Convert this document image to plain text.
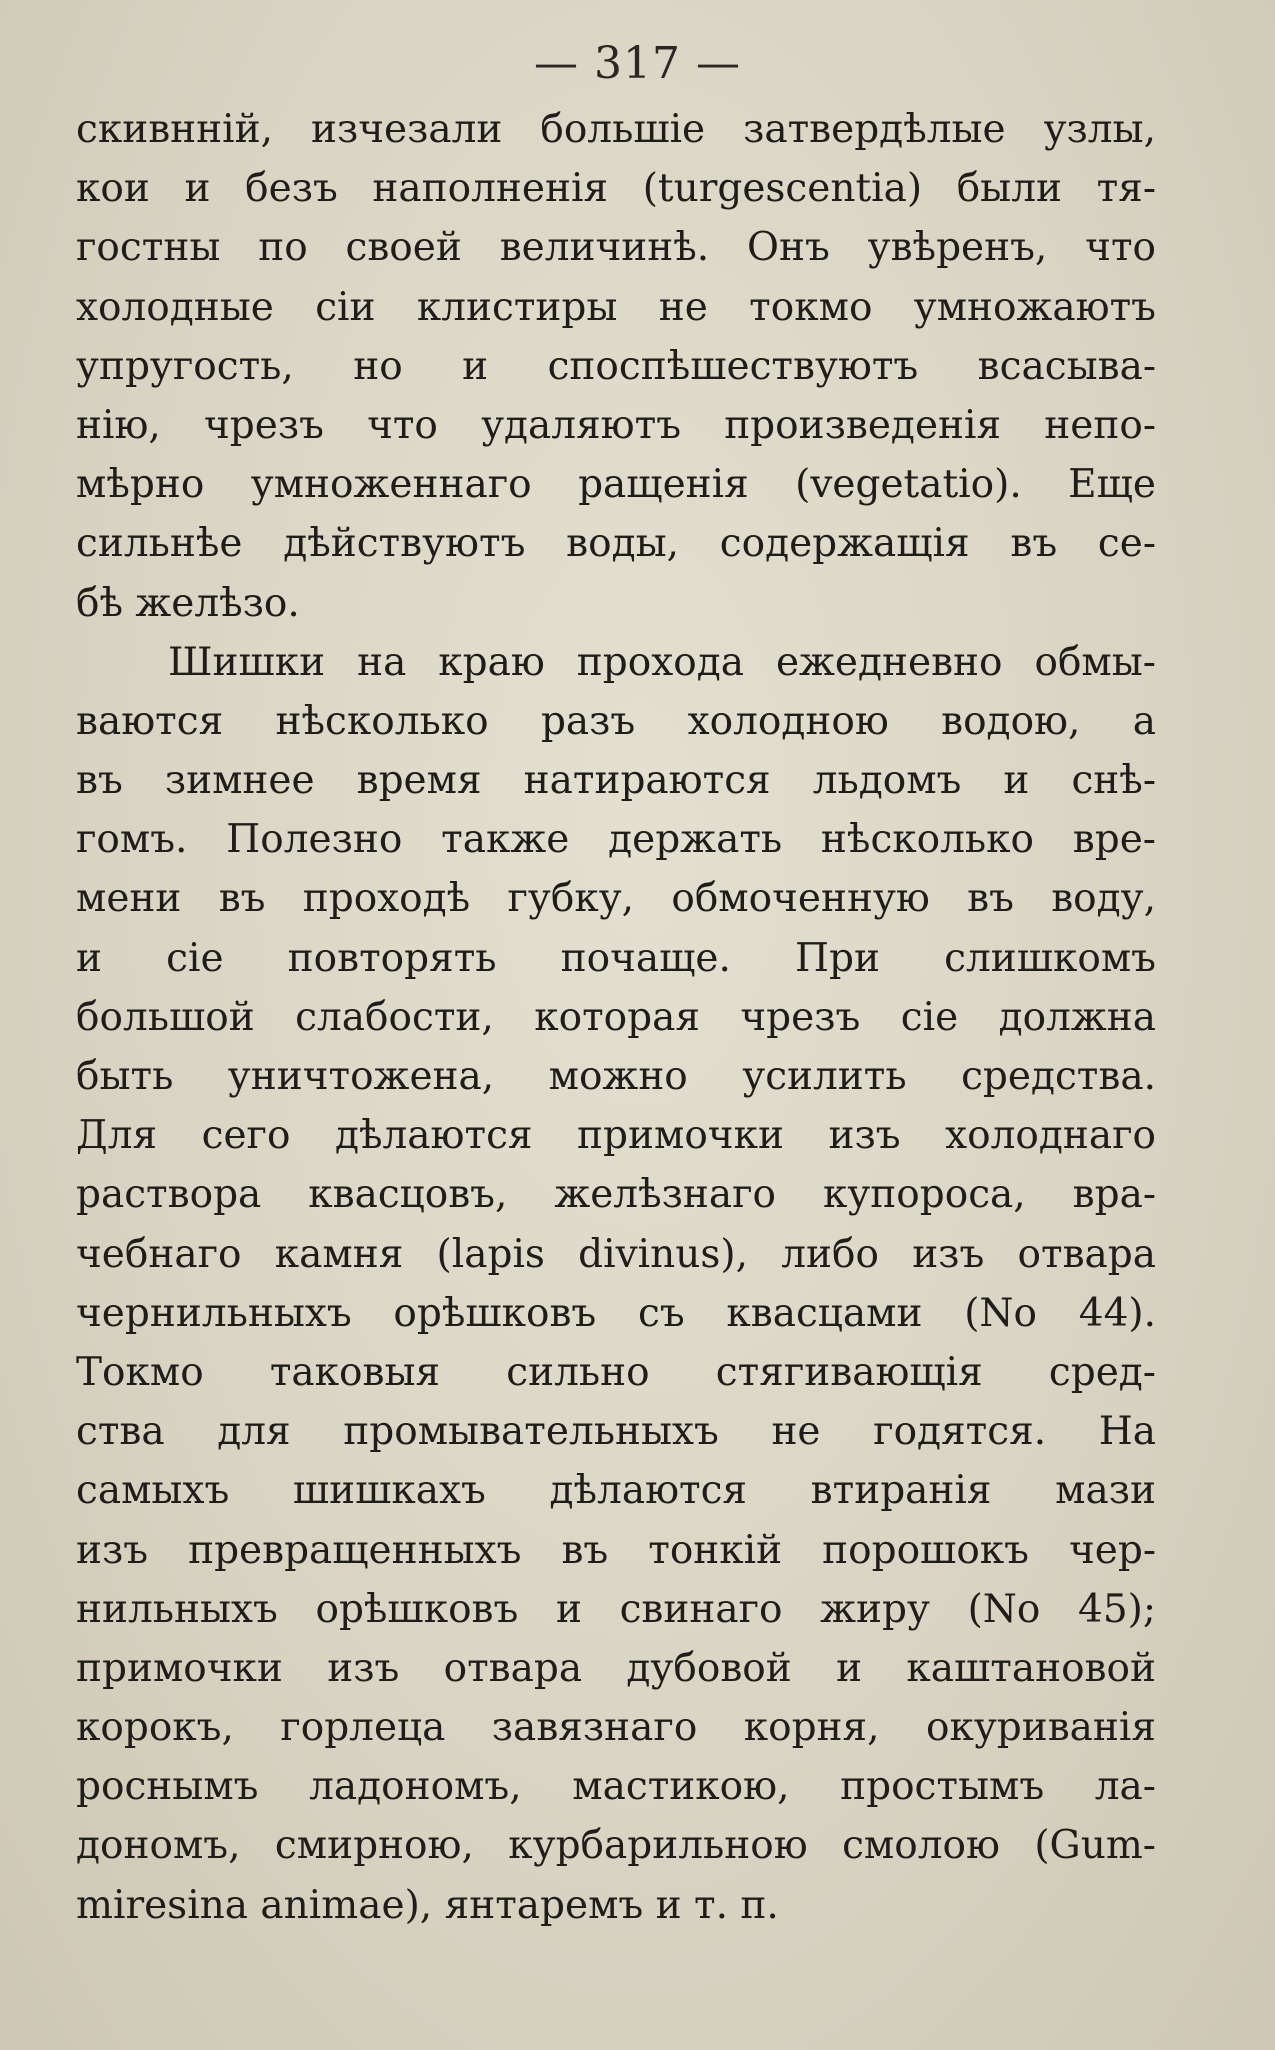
— 317 —
скивнній, изчезали большіе затвердѣлые узлы,
кои и безъ наполненія (turgescentia) были тя-
гостны по своей величинѣ. Онъ увѣренъ, что
холодные сіи клистиры не токмо умножаютъ
упругость, но и споспѣшествуютъ всасыва-
нію, чрезъ что удаляютъ произведенія непо-
мѣрно умноженнаго ращенія (vegetatio). Еще
сильнѣе дѣйствуютъ воды, содержащія въ се-
бѣ желѣзо.
Шишки на краю прохода ежедневно обмы-
ваются нѣсколько разъ холодною водою, а
въ зимнее время натираются льдомъ и снѣ-
гомъ. Полезно также держать нѣсколько вре-
мени въ проходѣ губку, обмоченную въ воду,
и сіе повторять почаще. При слишкомъ
большой слабости, которая чрезъ сіе должна
быть уничтожена, можно усилить средства.
Для сего дѣлаются примочки изъ холоднаго
раствора квасцовъ, желѣзнаго купороса, вра-
чебнаго камня (lapis divinus), либо изъ отвара
чернильныхъ орѣшковъ съ квасцами (No 44).
Токмо таковыя сильно стягивающія сред-
ства для промывательныхъ не годятся. На
самыхъ шишкахъ дѣлаются втиранія мази
изъ превращенныхъ въ тонкій порошокъ чер-
нильныхъ орѣшковъ и свинаго жиру (No 45);
примочки изъ отвара дубовой и каштановой
корокъ, горлеца завязнаго корня, окуриванія
роснымъ ладономъ, мастикою, простымъ ла-
дономъ, смирною, курбарильною смолою (Gum-
miresina animae), янтаремъ и т. п.
